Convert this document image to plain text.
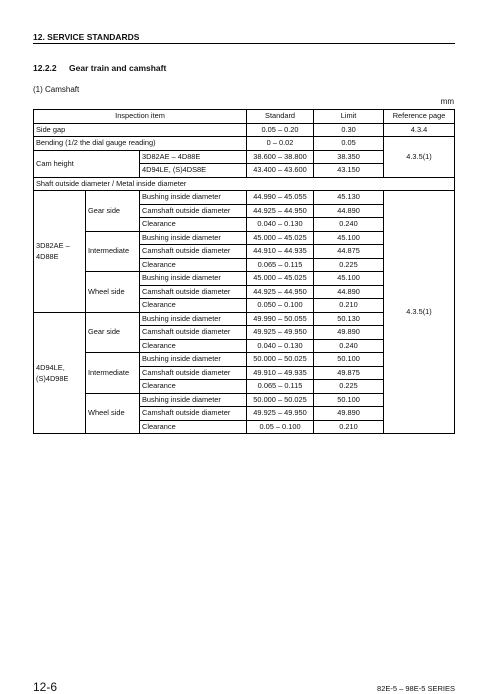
12. SERVICE STANDARDS
12.2.2 Gear train and camshaft
(1) Camshaft
mm
Inspection item			Standard	Limit	Reference page
Side gap			0.05 – 0.20	0.30	4.3.4
Bending (1/2 the dial gauge reading)			0 – 0.02	0.05	4.3.5(1)
Cam height		3D82AE – 4D88E	38.600 – 38.800	38.350	
		4D94LE, (S)4DS8E	43.400 – 43.600	43.150	
Shaft outside diameter / Metal inside diameter					

3D82AE –
4D88E	Gear side	Bushing inside diameter	44.990 – 45.055	45.130	4.3.5(1)
		Camshaft outside diameter	44.925 – 44.950	44.890	
		Clearance	0.040 – 0.130	0.240	
	Intermediate	Bushing inside diameter	45.000 – 45.025	45.100	
		Camshaft outside diameter	44.910 – 44.935	44.875	
		Clearance	0.065 – 0.115	0.225	
	Wheel side	Bushing inside diameter	45.000 – 45.025	45.100	
		Camshaft outside diameter	44.925 – 44.950	44.890	
		Clearance	0.050 – 0.100	0.210	

4D94LE,
(S)4D98E	Gear side	Bushing inside diameter	49.990 – 50.055	50.130	
		Camshaft outside diameter	49.925 – 49.950	49.890	
		Clearance	0.040 – 0.130	0.240	
	Intermediate	Bushing inside diameter	50.000 – 50.025	50.100	
		Camshaft outside diameter	49.910 – 49.935	49.875	
		Clearance	0.065 – 0.115	0.225	
	Wheel side	Bushing inside diameter	50.000 – 50.025	50.100	
		Camshaft outside diameter	49.925 – 49.950	49.890	
		Clearance	0.05 – 0.100	0.210	
12-6	82E-5 – 98E-5 SERIES
